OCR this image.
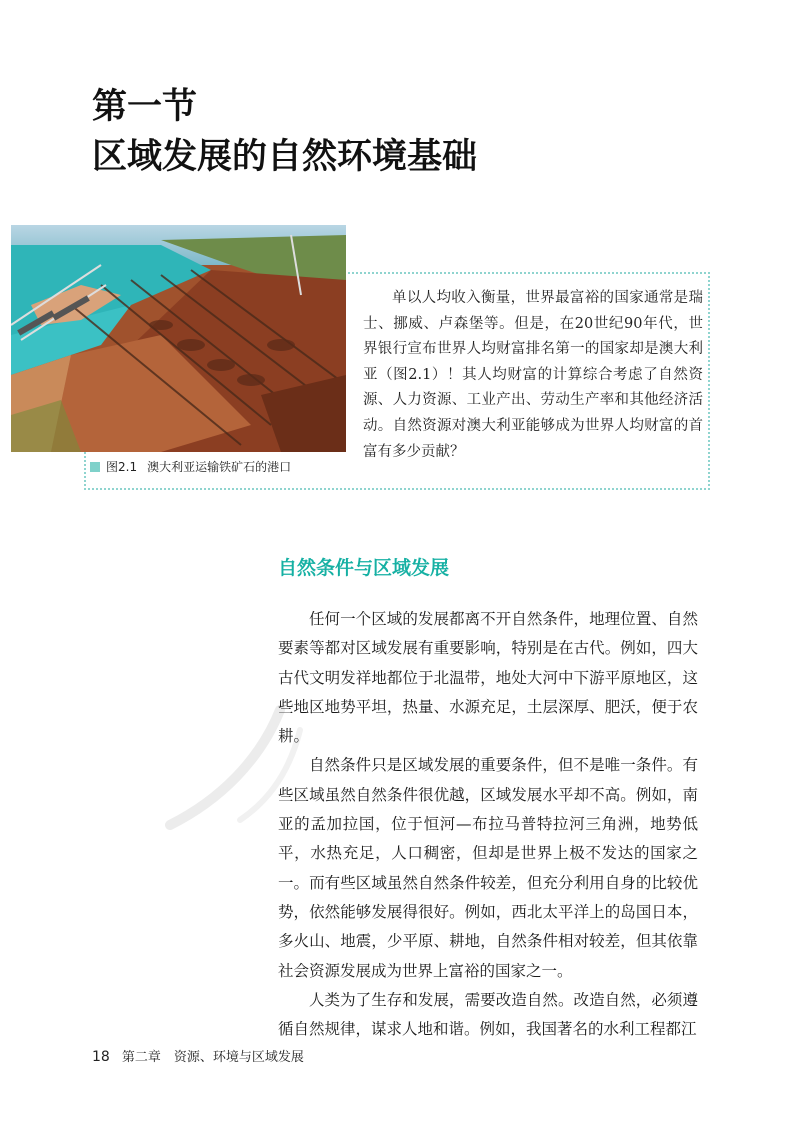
第一节
区域发展的自然环境基础

单以人均收入衡量，世界最富裕的国家通常是瑞士、挪威、卢森堡等。但是，在20世纪90年代，世界银行宣布世界人均财富排名第一的国家却是澳大利亚（图2.1）！其人均财富的计算综合考虑了自然资源、人力资源、工业产出、劳动生产率和其他经济活动。自然资源对澳大利亚能够成为世界人均财富的首富有多少贡献？

图2.1 澳大利亚运输铁矿石的港口
自然条件与区域发展

任何一个区域的发展都离不开自然条件，地理位置、自然要素等都对区域发展有重要影响，特别是在古代。例如，四大古代文明发祥地都位于北温带，地处大河中下游平原地区，这些地区地势平坦，热量、水源充足，土层深厚、肥沃，便于农耕。

自然条件只是区域发展的重要条件，但不是唯一条件。有些区域虽然自然条件很优越，区域发展水平却不高。例如，南亚的孟加拉国，位于恒河—布拉马普特拉河三角洲，地势低平，水热充足，人口稠密，但却是世界上极不发达的国家之一。而有些区域虽然自然条件较差，但充分利用自身的比较优势，依然能够发展得很好。例如，西北太平洋上的岛国日本，多火山、地震，少平原、耕地，自然条件相对较差，但其依靠社会资源发展成为世界上富裕的国家之一。

人类为了生存和发展，需要改造自然。改造自然，必须遵循自然规律，谋求人地和谐。例如，我国著名的水利工程都江

18 第二章　资源、环境与区域发展
